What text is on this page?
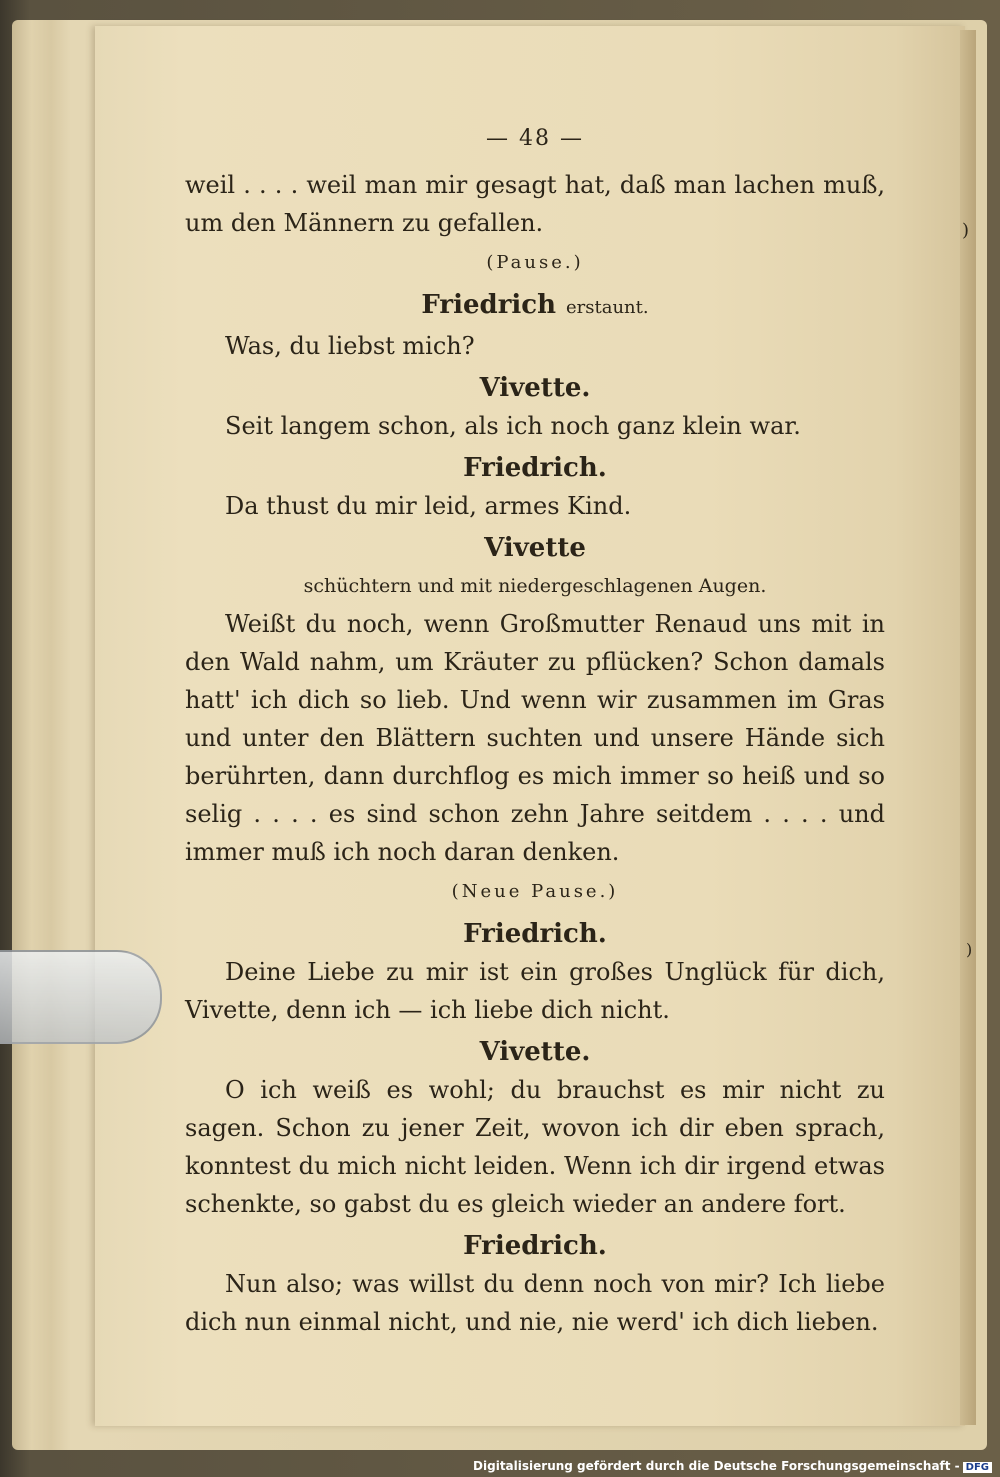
)
)
— 48 —

weil . . . . weil man mir gesagt hat, daß man lachen muß, um den Männern zu gefallen.

(Pause.)
Friedrich erstaunt.

Was, du liebst mich?

Vivette.

Seit langem schon, als ich noch ganz klein war.

Friedrich.

Da thust du mir leid, armes Kind.

Vivette
schüchtern und mit niedergeschlagenen Augen.

Weißt du noch, wenn Großmutter Renaud uns mit in den Wald nahm, um Kräuter zu pflücken? Schon damals hatt' ich dich so lieb. Und wenn wir zusammen im Gras und unter den Blättern suchten und unsere Hände sich berührten, dann durchflog es mich immer so heiß und so selig . . . . es sind schon zehn Jahre seitdem . . . . und immer muß ich noch daran denken.

(Neue Pause.)
Friedrich.

Deine Liebe zu mir ist ein großes Unglück für dich, Vivette, denn ich — ich liebe dich nicht.

Vivette.

O ich weiß es wohl; du brauchst es mir nicht zu sagen. Schon zu jener Zeit, wovon ich dir eben sprach, konntest du mich nicht leiden. Wenn ich dir irgend etwas schenkte, so gabst du es gleich wieder an andere fort.

Friedrich.

Nun also; was willst du denn noch von mir? Ich liebe dich nun einmal nicht, und nie, nie werd' ich dich lieben.

Digitalisierung gefördert durch die Deutsche Forschungsgemeinschaft - DFG
